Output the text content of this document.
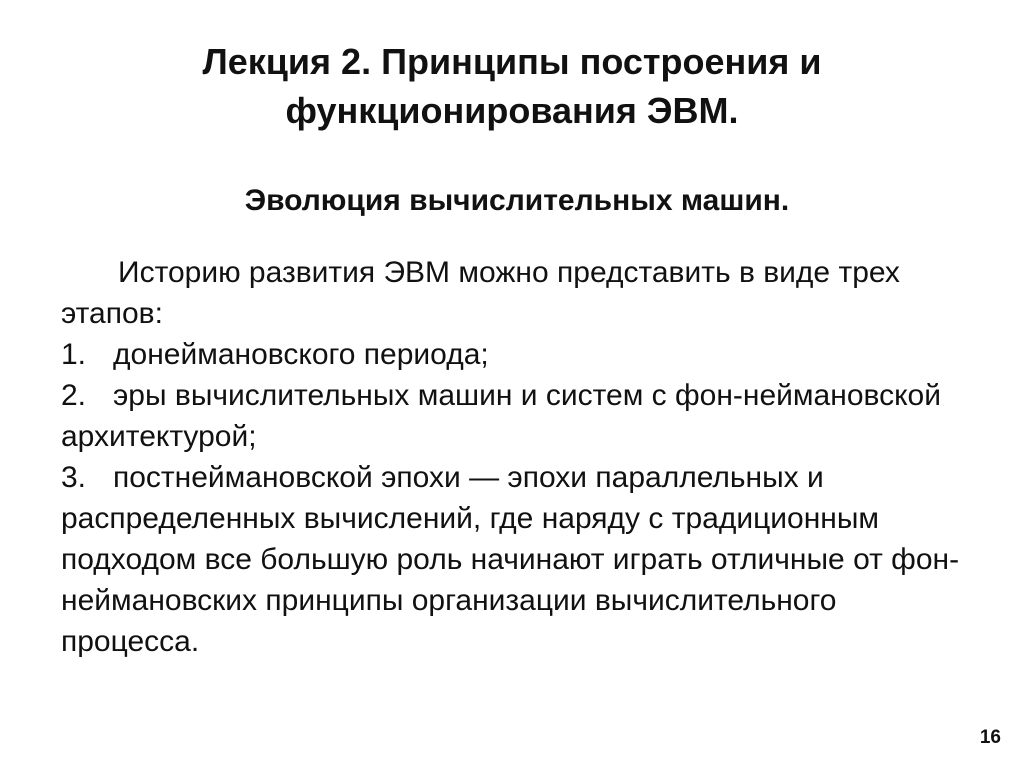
Лекция 2. Принципы построения и
функционирования ЭВМ.
Эволюция вычислительных машин.

Историю развития ЭВМ можно представить в виде трех этапов:

1. донеймановского периода;

2. эры вычислительных машин и систем с фон-неймановской архитектурой;

3. постнеймановской эпохи — эпохи параллельных и распределенных вычислений, где наряду с традиционным подходом все большую роль начинают играть отличные от фон-неймановских принципы организации вычислительного процесса.

16
